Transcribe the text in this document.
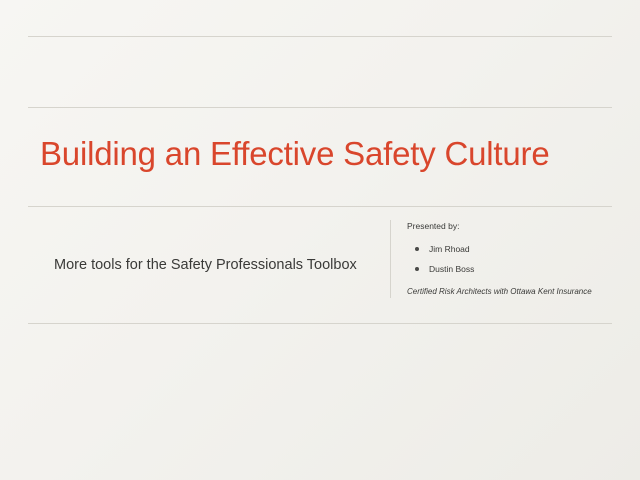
Building an Effective Safety Culture
More tools for the Safety Professionals Toolbox
Presented by:
Jim Rhoad
Dustin Boss
Certified Risk Architects with Ottawa Kent Insurance
